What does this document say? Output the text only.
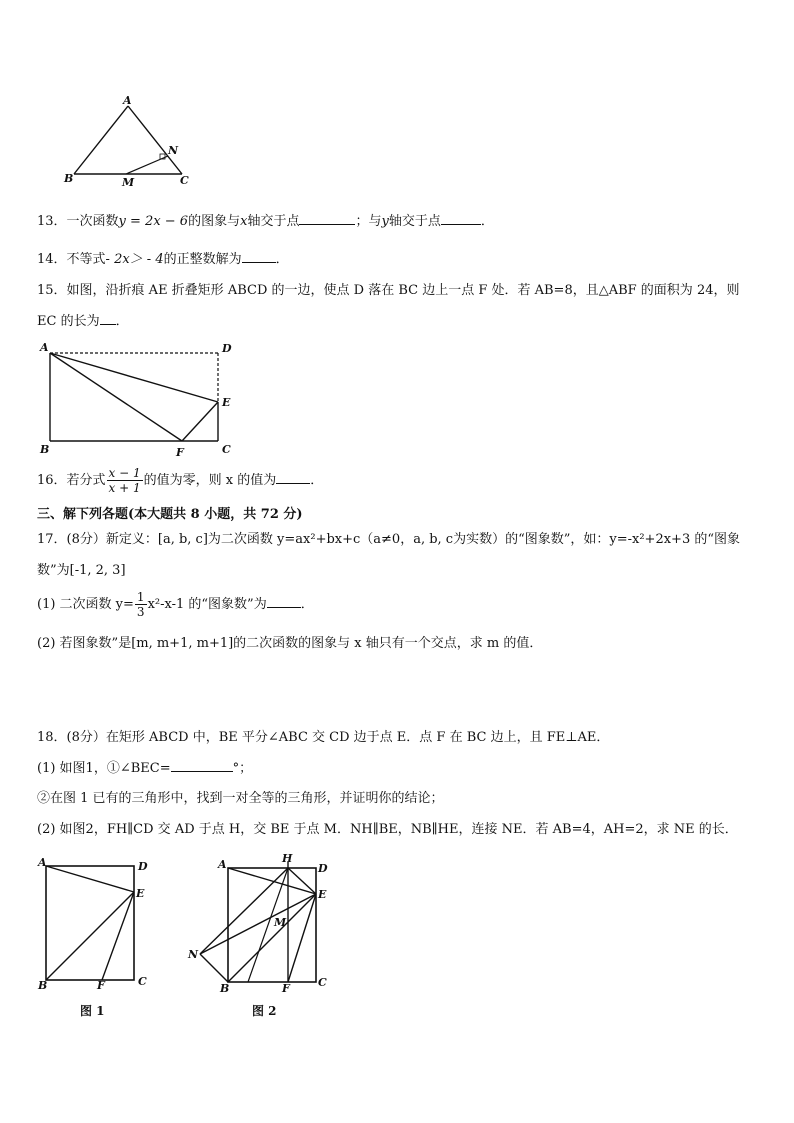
A
B	M
N
C
13．一次函数y = 2x − 6的图象与x轴交于点	；与y轴交于点	．
14．不等式- 2x＞ - 4的正整数解为	．
15．如图，沿折痕 AE 折叠矩形 ABCD 的一边，使点 D 落在 BC 边上一点 F 处．若 AB=8，且△ABF 的面积为 24，则
EC 的长为 ．
A	D
E
B	F	C
16．若分式 $\frac{x - 1}{x + 1}$ 的值为零，则 x 的值为	．
三、解下列各题(本大题共 8 小题，共 72 分)
17．(8分）新定义：[a, b, c]为二次函数 y=ax²+bx+c（a≠0，a, b, c为实数）的“图象数”，如：y=-x²+2x+3 的“图象
数”为[-1, 2, 3]
(1) 二次函数 $y= \frac{1}{3} x^2-x-1$ 的“图象数”为	．
(2) 若图象数”是[m, m+1, m+1]的二次函数的图象与 x 轴只有一个交点，求 m 的值．
18．(8分）在矩形 ABCD 中，BE 平分∠ABC 交 CD 边于点 E．点 F 在 BC 边上，且 FE⊥AE．
(1) 如图1，①∠BEC=	°；
②在图 1 已有的三角形中，找到一对全等的三角形，并证明你的结论；
(2) 如图2，FH∥CD 交 AD 于点 H，交 BE 于点 M．NH∥BE，NB∥HE，连接 NE．若 AB=4，AH=2，求 NE 的长．
A	D
E
B	F	C
图 1
A	H
D
E
M
N
B	F	C
图 2
